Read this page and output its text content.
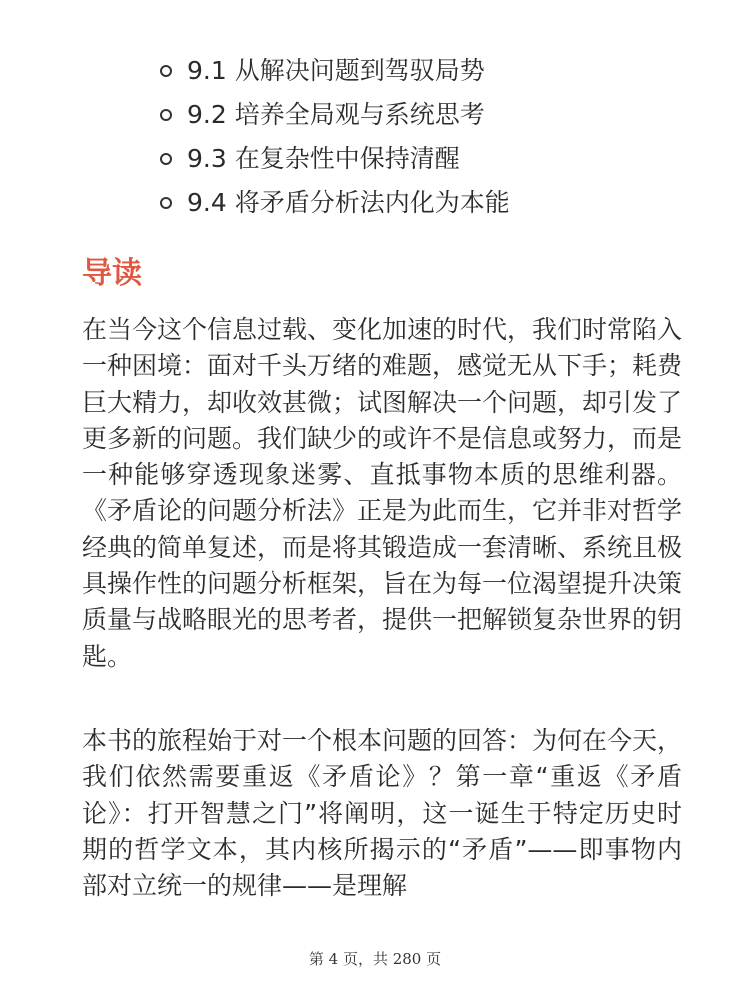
9.1 从解决问题到驾驭局势
9.2 培养全局观与系统思考
9.3 在复杂性中保持清醒
9.4 将矛盾分析法内化为本能
导读

在当今这个信息过载、变化加速的时代，我们时常陷入一种困境：面对千头万绪的难题，感觉无从下手；耗费巨大精力，却收效甚微；试图解决一个问题，却引发了更多新的问题。我们缺少的或许不是信息或努力，而是一种能够穿透现象迷雾、直抵事物本质的思维利器。《矛盾论的问题分析法》正是为此而生，它并非对哲学经典的简单复述，而是将其锻造成一套清晰、系统且极具操作性的问题分析框架，旨在为每一位渴望提升决策质量与战略眼光的思考者，提供一把解锁复杂世界的钥匙。

本书的旅程始于对一个根本问题的回答：为何在今天，我们依然需要重返《矛盾论》？第一章“重返《矛盾论》：打开智慧之门”将阐明，这一诞生于特定历史时期的哲学文本，其内核所揭示的“矛盾”——即事物内部对立统一的规律——是理解

第 4 页，共 280 页
